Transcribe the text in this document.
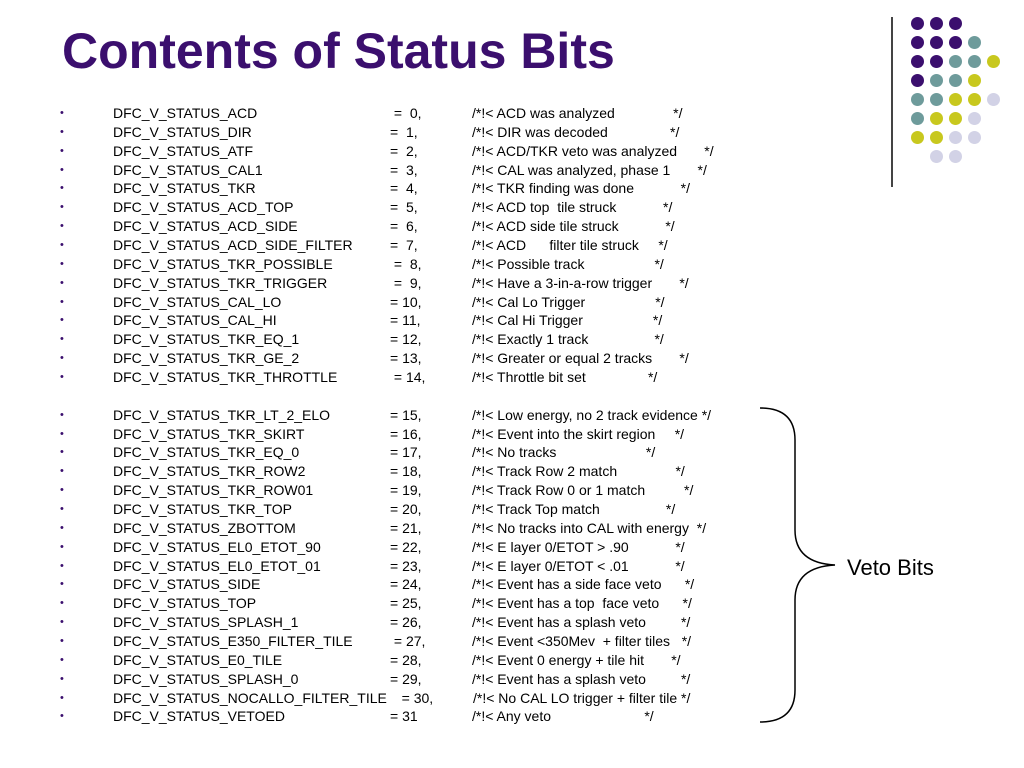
Contents of Status Bits
•	DFC_V_STATUS_ACD	=  0,	/*!< ACD was analyzed               */
•	DFC_V_STATUS_DIR	=  1,	/*!< DIR was decoded                */
•	DFC_V_STATUS_ATF	=  2,	/*!< ACD/TKR veto was analyzed       */
•	DFC_V_STATUS_CAL1	=  3,	/*!< CAL was analyzed, phase 1       */
•	DFC_V_STATUS_TKR	=  4,	/*!< TKR finding was done            */
•	DFC_V_STATUS_ACD_TOP	=  5,	/*!< ACD top  tile struck            */
•	DFC_V_STATUS_ACD_SIDE	=  6,	/*!< ACD side tile struck            */
•	DFC_V_STATUS_ACD_SIDE_FILTER	=  7,	/*!< ACD      filter tile struck     */
•	DFC_V_STATUS_TKR_POSSIBLE	=  8,	/*!< Possible track                  */
•	DFC_V_STATUS_TKR_TRIGGER	=  9,	/*!< Have a 3-in-a-row trigger       */
•	DFC_V_STATUS_CAL_LO	= 10,	/*!< Cal Lo Trigger                  */
•	DFC_V_STATUS_CAL_HI	= 11,	/*!< Cal Hi Trigger                  */
•	DFC_V_STATUS_TKR_EQ_1	= 12,	/*!< Exactly 1 track                 */
•	DFC_V_STATUS_TKR_GE_2	= 13,	/*!< Greater or equal 2 tracks       */
•	DFC_V_STATUS_TKR_THROTTLE	= 14,	/*!< Throttle bit set                */
•	DFC_V_STATUS_TKR_LT_2_ELO	= 15,	/*!< Low energy, no 2 track evidence */
•	DFC_V_STATUS_TKR_SKIRT	= 16,	/*!< Event into the skirt region     */
•	DFC_V_STATUS_TKR_EQ_0	= 17,	/*!< No tracks                       */
•	DFC_V_STATUS_TKR_ROW2	= 18,	/*!< Track Row 2 match               */
•	DFC_V_STATUS_TKR_ROW01	= 19,	/*!< Track Row 0 or 1 match          */
•	DFC_V_STATUS_TKR_TOP	= 20,	/*!< Track Top match                 */
•	DFC_V_STATUS_ZBOTTOM	= 21,	/*!< No tracks into CAL with energy  */
•	DFC_V_STATUS_EL0_ETOT_90	= 22,	/*!< E layer 0/ETOT > .90            */
•	DFC_V_STATUS_EL0_ETOT_01	= 23,	/*!< E layer 0/ETOT < .01            */
•	DFC_V_STATUS_SIDE	= 24,	/*!< Event has a side face veto      */
•	DFC_V_STATUS_TOP	= 25,	/*!< Event has a top  face veto      */
•	DFC_V_STATUS_SPLASH_1	= 26,	/*!< Event has a splash veto         */
•	DFC_V_STATUS_E350_FILTER_TILE	= 27,	/*!< Event <350Mev  + filter tiles   */
•	DFC_V_STATUS_E0_TILE	= 28,	/*!< Event 0 energy + tile hit       */
•	DFC_V_STATUS_SPLASH_0	= 29,	/*!< Event has a splash veto         */
•	DFC_V_STATUS_NOCALLO_FILTER_TILE = 30, /*!< No CAL LO trigger + filter tile */
•	DFC_V_STATUS_VETOED	= 31	/*!< Any veto                        */
Veto Bits
